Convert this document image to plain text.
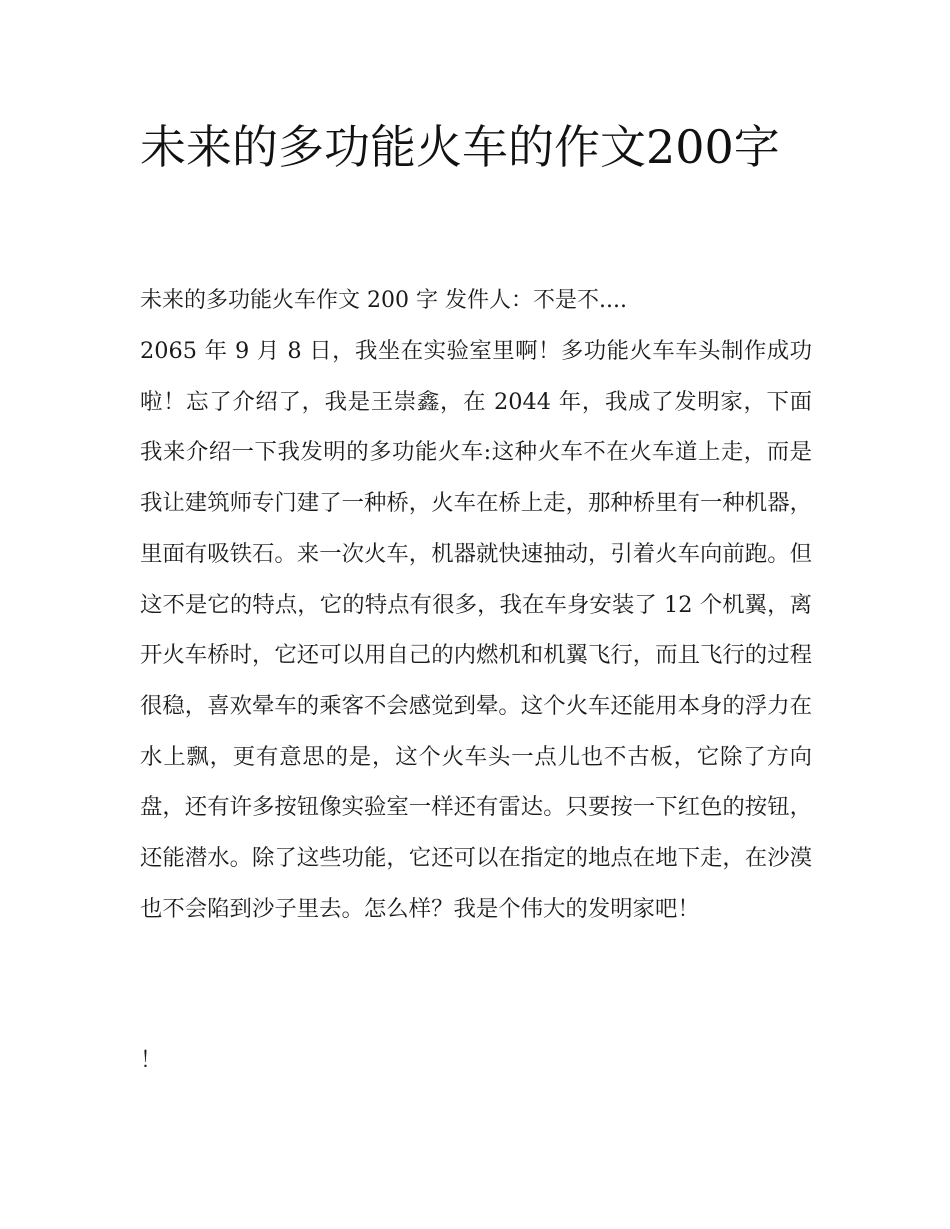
未来的多功能火车的作文200字

未来的多功能火车作文 200 字 发件人：不是不....

2065 年 9 月 8 日，我坐在实验室里啊！多功能火车车头制作成功啦！忘了介绍了，我是王崇鑫，在 2044 年，我成了发明家，下面我来介绍一下我发明的多功能火车:这种火车不在火车道上走，而是我让建筑师专门建了一种桥，火车在桥上走，那种桥里有一种机器，里面有吸铁石。来一次火车，机器就快速抽动，引着火车向前跑。但这不是它的特点，它的特点有很多，我在车身安装了 12 个机翼，离开火车桥时，它还可以用自己的内燃机和机翼飞行，而且飞行的过程很稳，喜欢晕车的乘客不会感觉到晕。这个火车还能用本身的浮力在水上飘，更有意思的是，这个火车头一点儿也不古板，它除了方向盘，还有许多按钮像实验室一样还有雷达。只要按一下红色的按钮，还能潜水。除了这些功能，它还可以在指定的地点在地下走，在沙漠也不会陷到沙子里去。怎么样？我是个伟大的发明家吧！

！
